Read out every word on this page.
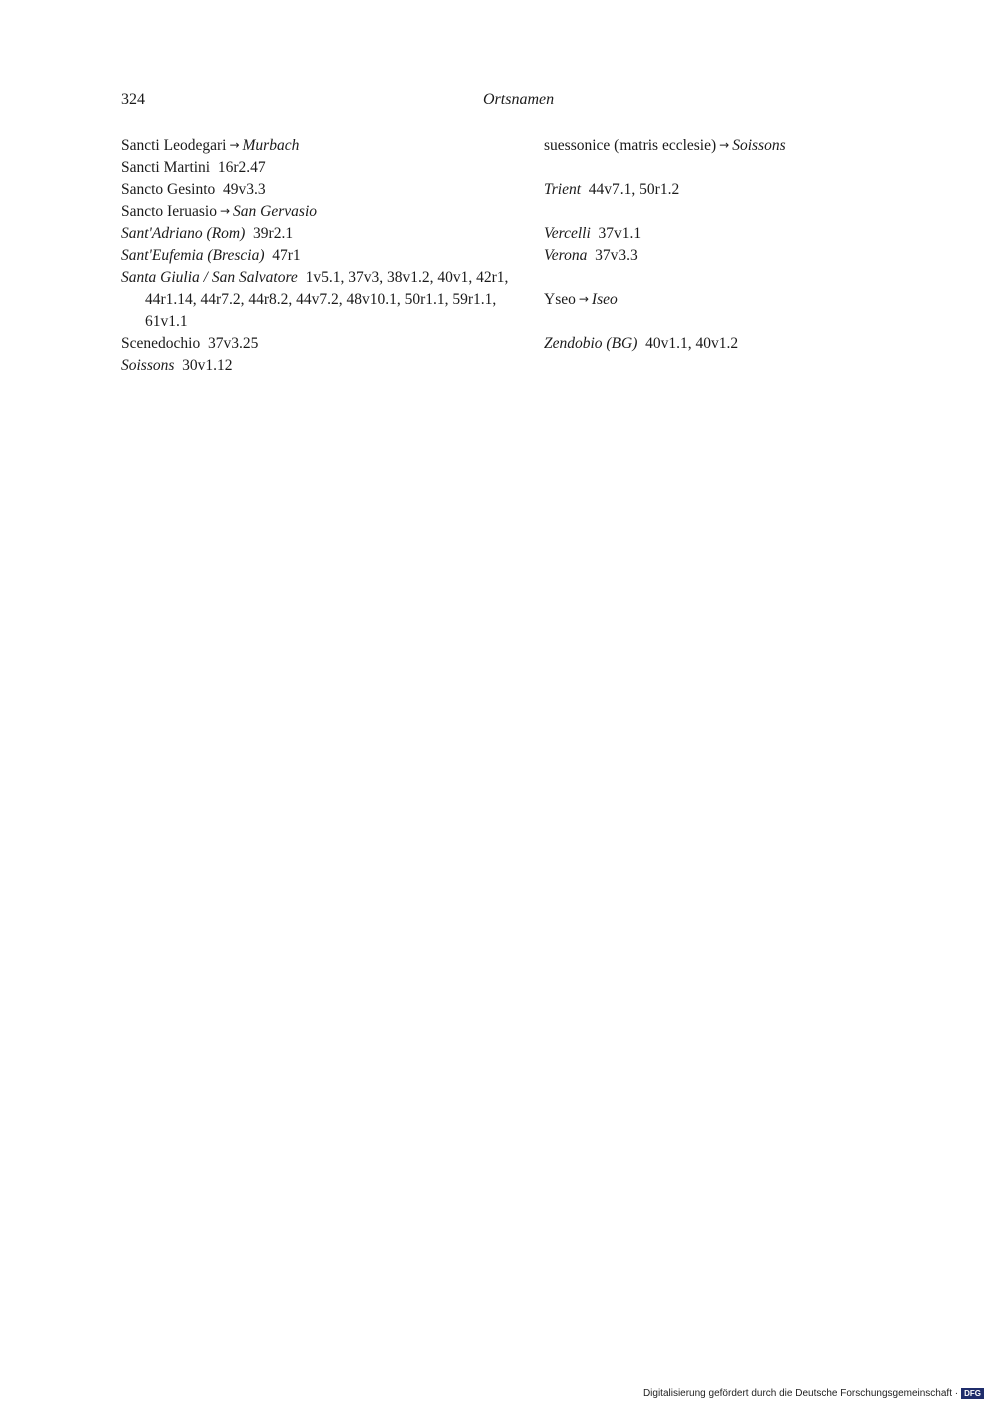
324	Ortsnamen
Sancti Leodegari → Murbach
Sancti Martini 16r2.47
Sancto Gesinto 49v3.3
Sancto Ieruasio → San Gervasio
Sant'Adriano (Rom) 39r2.1
Sant'Eufemia (Brescia) 47r1
Santa Giulia / San Salvatore 1v5.1, 37v3, 38v1.2, 40v1, 42r1, 44r1.14, 44r7.2, 44r8.2, 44v7.2, 48v10.1, 50r1.1, 59r1.1, 61v1.1
Scenedochio 37v3.25
Soissons 30v1.12
suessonice (matris ecclesie) → Soissons
Trient 44v7.1, 50r1.2
Vercelli 37v1.1
Verona 37v3.3
Yseo → Iseo
Zendobio (BG) 40v1.1, 40v1.2
Digitalisierung gefördert durch die Deutsche Forschungsgemeinschaft · DFG
